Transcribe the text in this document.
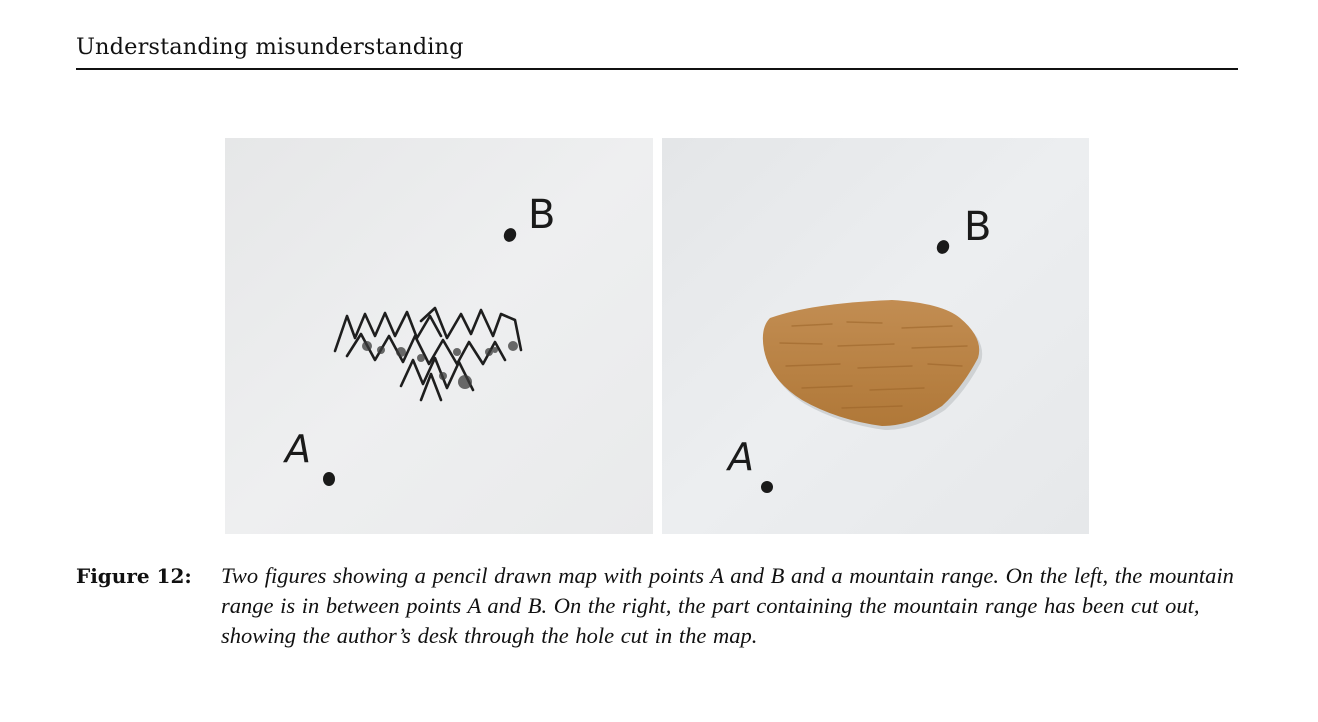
Understanding misunderstanding
B
A
B
A
Figure 12: Two figures showing a pencil drawn map with points A and B and a mountain range. On the left, the mountain range is in between points A and B. On the right, the part containing the mountain range has been cut out, showing the author’s desk through the hole cut in the map.
